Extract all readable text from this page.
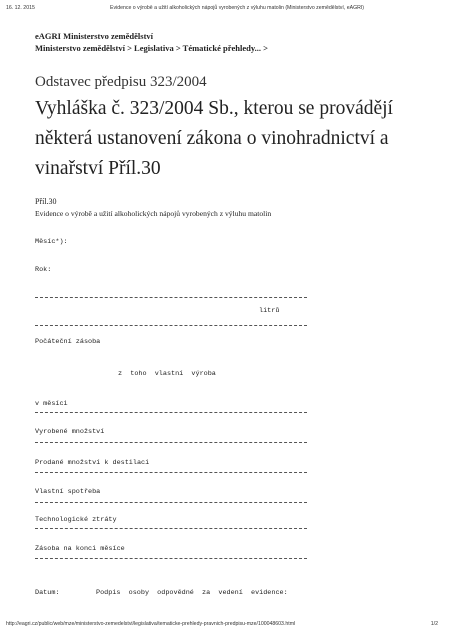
16. 12. 2015	Evidence o výrobě a užití alkoholických nápojů vyrobených z výluhu matolin (Ministerstvo zemědělství, eAGRI)
eAGRI Ministerstvo zemědělství
Ministerstvo zemědělství > Legislativa > Tématické přehledy... >
Odstavec předpisu 323/2004
Vyhláška č. 323/2004 Sb., kterou se provádějí některá ustanovení zákona o vinohradnictví a vinařství Příl.30
Příl.30
Evidence o výrobě a užití alkoholických nápojů vyrobených z výluhu matolin
Měsíc*):
Rok:
litrů
Počáteční zásoba
z  toho  vlastní  výroba
v měsíci
Vyrobené množství
Prodané množství k destilaci
Vlastní spotřeba
Technologické ztráty
Zásoba na konci měsíce
Datum:	Podpis  osoby  odpovědné  za  vedení  evidence:
http://eagri.cz/public/web/mze/ministerstvo-zemedelstvi/legislativa/tematicke-prehledy-pravnich-predpisu-mze/100048603.html	1/2
